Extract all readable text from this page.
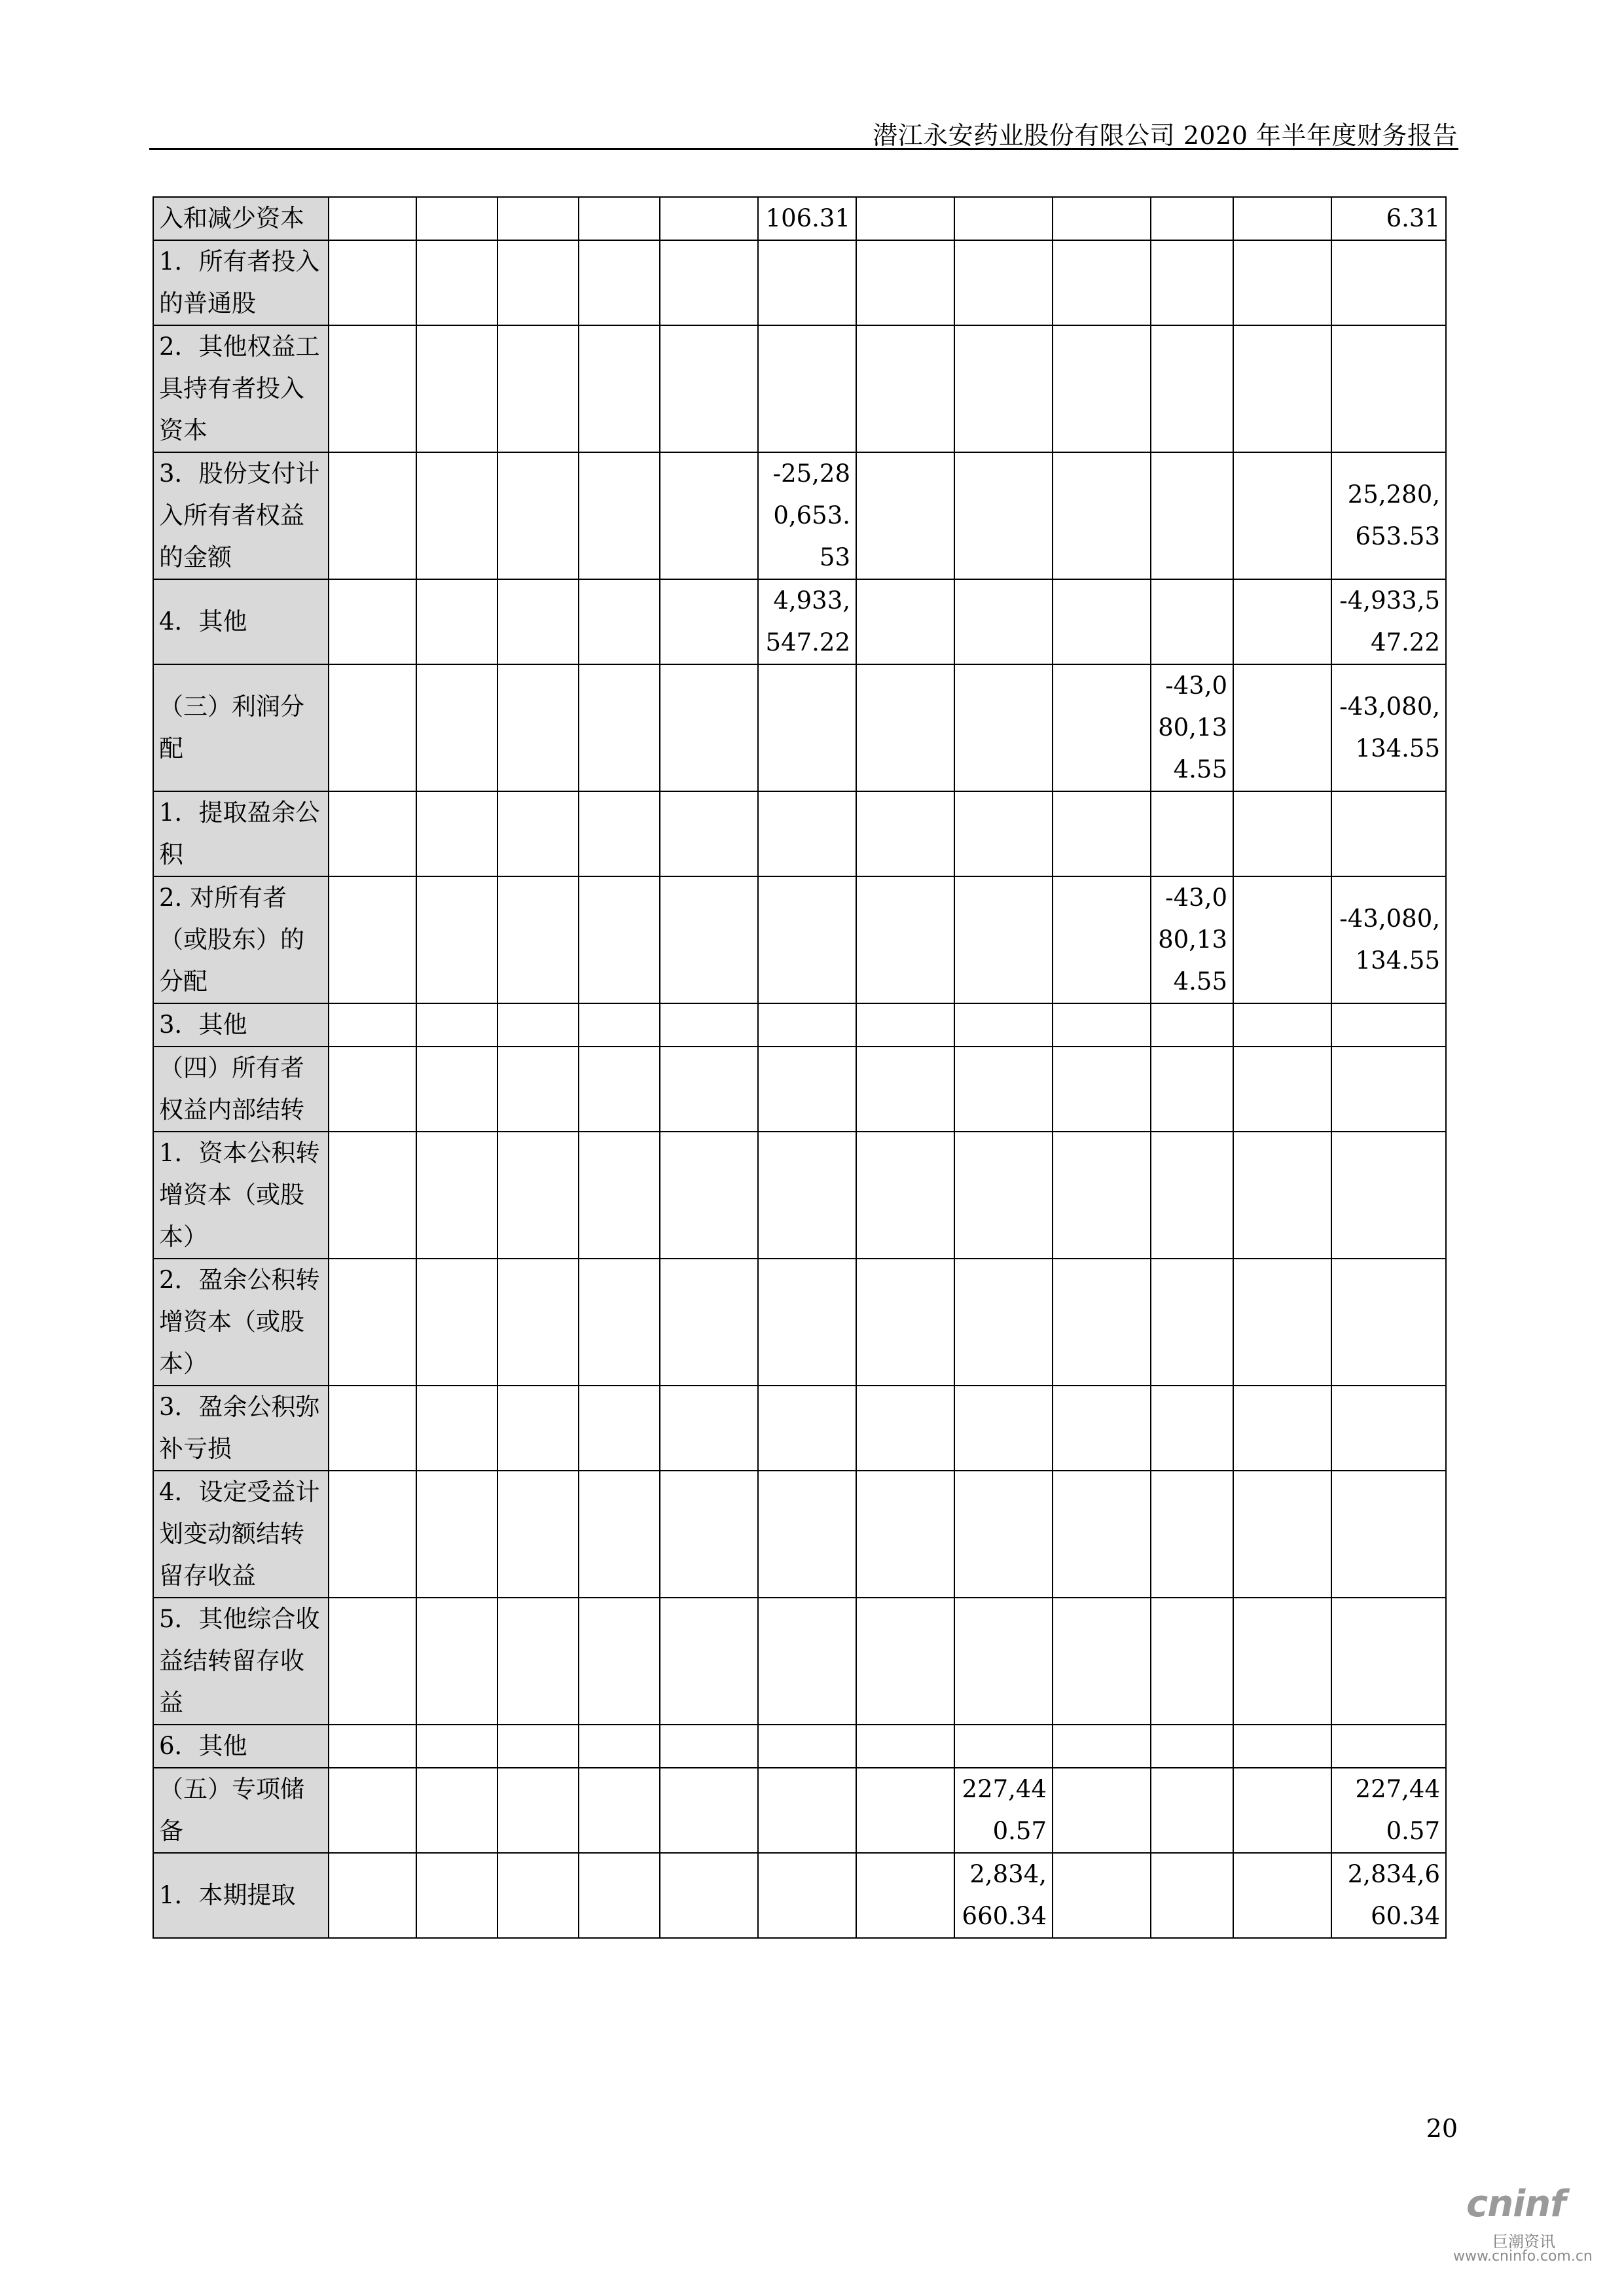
潜江永安药业股份有限公司 2020 年半年度财务报告
入和减少资本						106.31						6.31
1．所有者投入的普通股												
2．其他权益工具持有者投入资本												
3．股份支付计入所有者权益的金额						-25,280,653.53						25,280,653.53
4．其他						4,933,547.22						-4,933,547.22
（三）利润分配										-43,080,134.55		-43,080,134.55
1．提取盈余公积												
2. 对所有者（或股东）的分配										-43,080,134.55		-43,080,134.55
3．其他												
（四）所有者权益内部结转												
1．资本公积转增资本（或股本）												
2．盈余公积转增资本（或股本）												
3．盈余公积弥补亏损												
4．设定受益计划变动额结转留存收益												
5．其他综合收益结转留存收益												
6．其他												
（五）专项储备								227,440.57				227,440.57
1．本期提取								2,834,660.34				2,834,660.34
20
cninf
巨潮资讯
www.cninfo.com.cn
